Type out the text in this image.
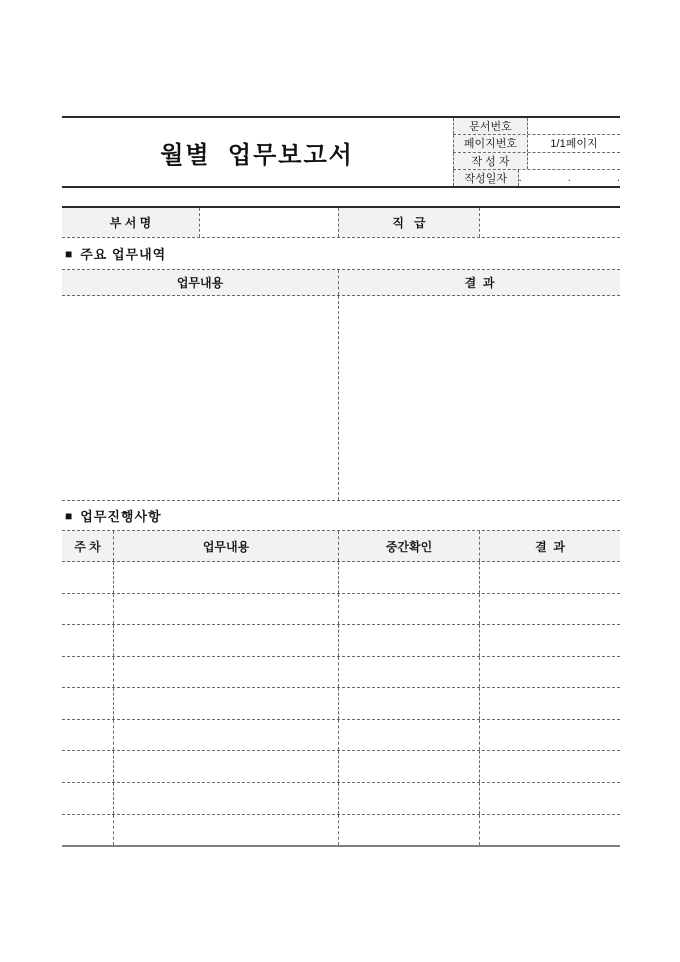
월별  업무보고서
문서번호
페이지번호	1/1페이지
작 성 자
작성일자	.  .  .
부 서 명	직   급
■ 주요 업무내역
업무내용	결  과
■ 업무진행사항
주 차	업무내용	중간확인	결  과
